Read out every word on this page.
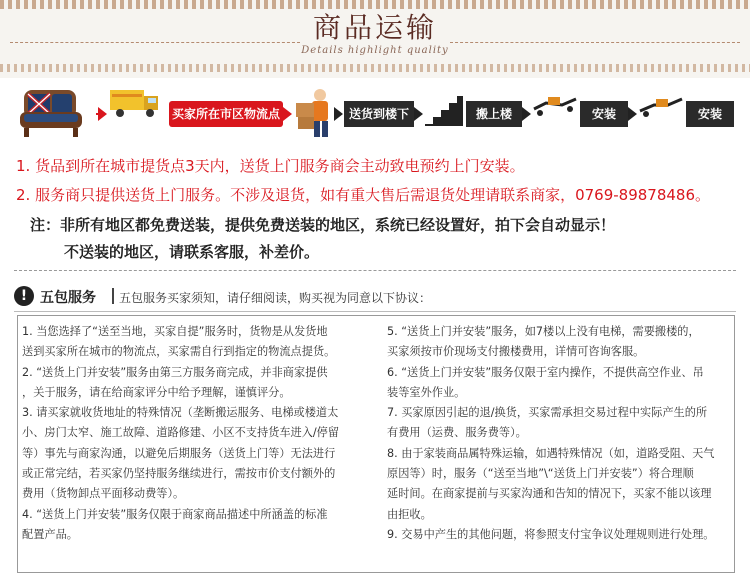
商品运输
Details highlight quality
买家所在市区物流点	送货到楼下	搬上楼	安装	安装
1. 货品到所在城市提货点3天内，送货上门服务商会主动致电预约上门安装。
2. 服务商只提供送货上门服务。不涉及退货，如有重大售后需退货处理请联系商家，0769-89878486。
注：非所有地区都免费送装，提供免费送装的地区，系统已经设置好，拍下会自动显示！
不送装的地区，请联系客服，补差价。
! 五包服务 五包服务买家须知，请仔细阅读，购买视为同意以下协议：

1. 当您选择了“送至当地，买家自提”服务时，货物是从发货地

送到买家所在城市的物流点，买家需自行到指定的物流点提货。

2. “送货上门并安装”服务由第三方服务商完成，并非商家提供

，关于服务，请在给商家评分中给予理解，谨慎评分。

3. 请买家就收货地址的特殊情况（垄断搬运服务、电梯或楼道太

小、房门太窄、施工故障、道路修建、小区不支持货车进入/停留

等）事先与商家沟通，以避免后期服务（送货上门等）无法进行

或正常完结，若买家仍坚持服务继续进行，需按市价支付额外的

费用（货物卸点平面移动费等）。

4. “送货上门并安装”服务仅限于商家商品描述中所涵盖的标准

配置产品。

5. “送货上门并安装”服务，如7楼以上没有电梯，需要搬楼的，

买家须按市价现场支付搬楼费用，详情可咨询客服。

6. “送货上门并安装”服务仅限于室内操作，不提供高空作业、吊

装等室外作业。

7. 买家原因引起的退/换货，买家需承担交易过程中实际产生的所

有费用（运费、服务费等）。

8. 由于家装商品属特殊运输，如遇特殊情况（如，道路受阻、天气

原因等）时，服务（“送至当地”\“送货上门并安装”）将合理顺

延时间。在商家提前与买家沟通和告知的情况下，买家不能以该理

由拒收。

9. 交易中产生的其他问题，将参照支付宝争议处理规则进行处理。
